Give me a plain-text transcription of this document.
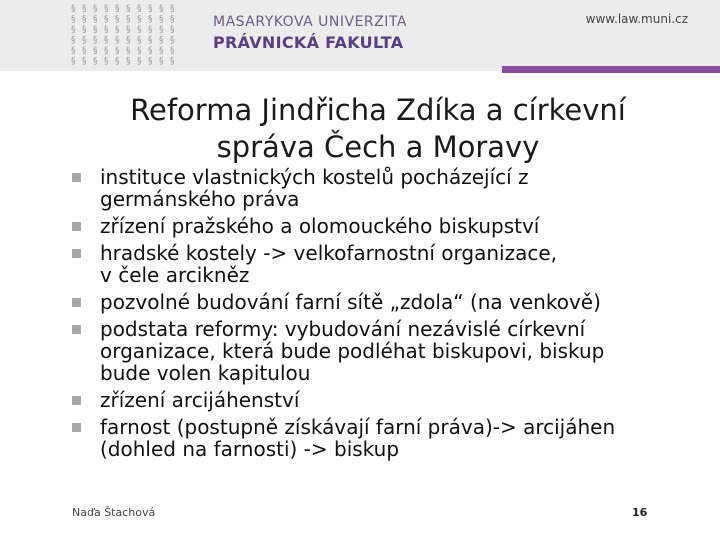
§ § § § § § § § § §
§ § § § § § § § § §
§ § § § § § § § § §
§ § § § § § § § § §
§ § § § § § § § § §
§ § § § § § § § § §
MASARYKOVA UNIVERZITA
PRÁVNICKÁ FAKULTA
www.law.muni.cz
Reforma Jindřicha Zdíka a církevní správa Čech a Moravy
instituce vlastnických kostelů pocházející z
germánského práva
zřízení pražského a olomouckého biskupství
hradské kostely -> velkofarnostní organizace,
v čele arcikněz
pozvolné budování farní sítě „zdola“ (na venkově)
podstata reformy: vybudování nezávislé církevní
organizace, která bude podléhat biskupovi, biskup
bude volen kapitulou
zřízení arcijáhenství
farnost (postupně získávají farní práva)-> arcijáhen
(dohled na farnosti) -> biskup
Naďa Štachová	16
